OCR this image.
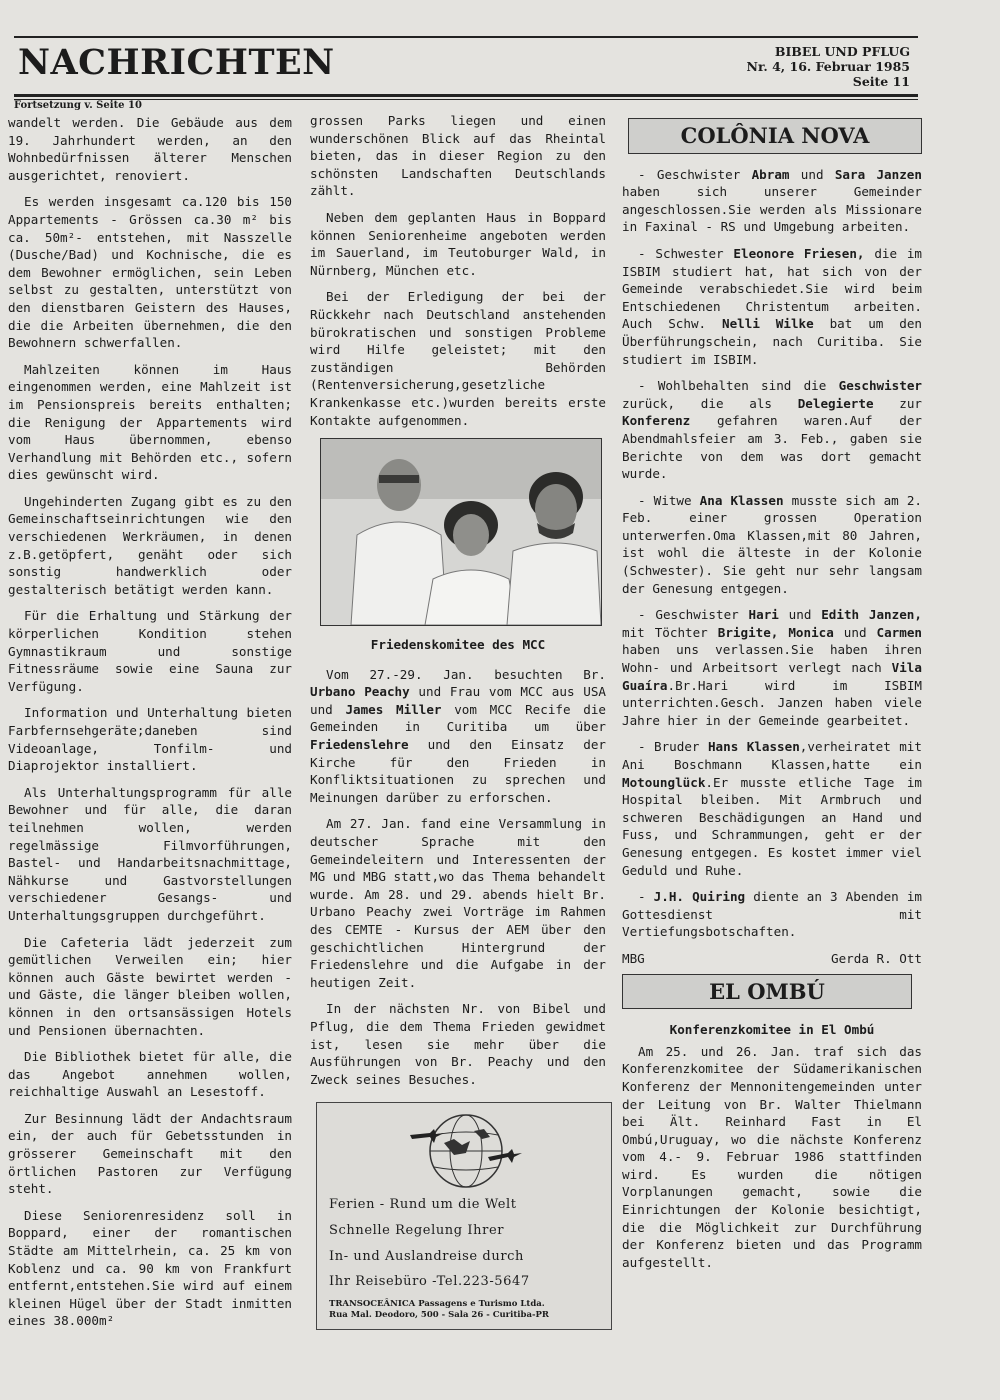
NACHRICHTEN	BIBEL UND PFLUG
Nr. 4, 16. Februar 1985
Seite 11
Fortsetzung v. Seite 10

wandelt werden. Die Gebäude aus dem 19. Jahrhundert werden, an den Wohnbedürfnissen älterer Menschen ausgerichtet, renoviert.

Es werden insgesamt ca.120 bis 150 Appartements - Grössen ca.30 m² bis ca. 50m²- entstehen, mit Nasszelle (Dusche/Bad) und Kochnische, die es dem Bewohner ermöglichen, sein Leben selbst zu gestalten, unterstützt von den dienstbaren Geistern des Hauses, die die Arbeiten übernehmen, die den Bewohnern schwerfallen.

Mahlzeiten können im Haus eingenommen werden, eine Mahlzeit ist im Pensionspreis bereits enthalten; die Renigung der Appartements wird vom Haus übernommen, ebenso Verhandlung mit Behörden etc., sofern dies gewünscht wird.

Ungehinderten Zugang gibt es zu den Gemeinschaftseinrichtungen wie den verschiedenen Werkräumen, in denen z.B.getöpfert, genäht oder sich sonstig handwerklich oder gestalterisch betätigt werden kann.

Für die Erhaltung und Stärkung der körperlichen Kondition stehen Gymnastikraum und sonstige Fitnessräume sowie eine Sauna zur Verfügung.

Information und Unterhaltung bieten Farbfernsehgeräte;daneben sind Videoanlage, Tonfilm- und Diaprojektor installiert.

Als Unterhaltungsprogramm für alle Bewohner und für alle, die daran teilnehmen wollen, werden regelmässige Filmvorführungen, Bastel- und Handarbeitsnachmittage, Nähkurse und Gastvorstellungen verschiedener Gesangs- und Unterhaltungsgruppen durchgeführt.

Die Cafeteria lädt jederzeit zum gemütlichen Verweilen ein; hier können auch Gäste bewirtet werden - und Gäste, die länger bleiben wollen, können in den ortsansässigen Hotels und Pensionen übernachten.

Die Bibliothek bietet für alle, die das Angebot annehmen wollen, reichhaltige Auswahl an Lesestoff.

Zur Besinnung lädt der Andachtsraum ein, der auch für Gebetsstunden in grösserer Gemeinschaft mit den örtlichen Pastoren zur Verfügung steht.

Diese Seniorenresidenz soll in Boppard, einer der romantischen Städte am Mittelrhein, ca. 25 km von Koblenz und ca. 90 km von Frankfurt entfernt,entstehen.Sie wird auf einem kleinen Hügel über der Stadt inmitten eines 38.000m²

grossen Parks liegen und einen wunderschönen Blick auf das Rheintal bieten, das in dieser Region zu den schönsten Landschaften Deutschlands zählt.

Neben dem geplanten Haus in Boppard können Seniorenheime angeboten werden im Sauerland, im Teutoburger Wald, in Nürnberg, München etc.

Bei der Erledigung der bei der Rückkehr nach Deutschland anstehenden bürokratischen und sonstigen Probleme wird Hilfe geleistet; mit den zuständigen Behörden (Rentenversicherung,gesetzliche Krankenkasse etc.)wurden bereits erste Kontakte aufgenommen.

Friedenskomitee des MCC

Vom 27.-29. Jan. besuchten Br. Urbano Peachy und Frau vom MCC aus USA und James Miller vom MCC Recife die Gemeinden in Curitiba um über Friedenslehre und den Einsatz der Kirche für den Frieden in Konfliktsituationen zu sprechen und Meinungen darüber zu erforschen.

Am 27. Jan. fand eine Versammlung in deutscher Sprache mit den Gemeindeleitern und Interessenten der MG und MBG statt,wo das Thema behandelt wurde. Am 28. und 29. abends hielt Br. Urbano Peachy zwei Vorträge im Rahmen des CEMTE - Kursus der AEM über den geschichtlichen Hintergrund der Friedenslehre und die Aufgabe in der heutigen Zeit.

In der nächsten Nr. von Bibel und Pflug, die dem Thema Frieden gewidmet ist, lesen sie mehr über die Ausführungen von Br. Peachy und den Zweck seines Besuches.

Ferien - Rund um die Welt
Schnelle Regelung Ihrer
In- und Auslandreise durch
Ihr Reisebüro -Tel.223-5647
TRANSOCEÂNICA Passagens e Turismo Ltda.
Rua Mal. Deodoro, 500 - Sala 26 - Curitiba-PR
COLÔNIA NOVA

- Geschwister Abram und Sara Janzen haben sich unserer Gemeinder angeschlossen.Sie werden als Missionare in Faxinal - RS und Umgebung arbeiten.

- Schwester Eleonore Friesen, die im ISBIM studiert hat, hat sich von der Gemeinde verabschiedet.Sie wird beim Entschiedenen Christentum arbeiten. Auch Schw. Nelli Wilke bat um den Überführungschein, nach Curitiba. Sie studiert im ISBIM.

- Wohlbehalten sind die Geschwister zurück, die als Delegierte zur Konferenz gefahren waren.Auf der Abendmahlsfeier am 3. Feb., gaben sie Berichte von dem was dort gemacht wurde.

- Witwe Ana Klassen musste sich am 2. Feb. einer grossen Operation unterwerfen.Oma Klassen,mit 80 Jahren, ist wohl die älteste in der Kolonie (Schwester). Sie geht nur sehr langsam der Genesung entgegen.

- Geschwister Hari und Edith Janzen, mit Töchter Brigite, Monica und Carmen haben uns verlassen.Sie haben ihren Wohn- und Arbeitsort verlegt nach Vila Guaíra.Br.Hari wird im ISBIM unterrichten.Gesch. Janzen haben viele Jahre hier in der Gemeinde gearbeitet.

- Bruder Hans Klassen,verheiratet mit Ani Boschmann Klassen,hatte ein Motounglück.Er musste etliche Tage im Hospital bleiben. Mit Armbruch und schweren Beschädigungen an Hand und Fuss, und Schrammungen, geht er der Genesung entgegen. Es kostet immer viel Geduld und Ruhe.

- J.H. Quiring diente an 3 Abenden im Gottesdienst mit Vertiefungsbotschaften.

MBG	Gerda R. Ott
EL OMBÚ
Konferenzkomitee in El Ombú

Am 25. und 26. Jan. traf sich das Konferenzkomitee der Südamerikanischen Konferenz der Mennonitengemeinden unter der Leitung von Br. Walter Thielmann bei Ält. Reinhard Fast in El Ombú,Uruguay, wo die nächste Konferenz vom 4.- 9. Februar 1986 stattfinden wird. Es wurden die nötigen Vorplanungen gemacht, sowie die Einrichtungen der Kolonie besichtigt, die die Möglichkeit zur Durchführung der Konferenz bieten und das Programm aufgestellt.
